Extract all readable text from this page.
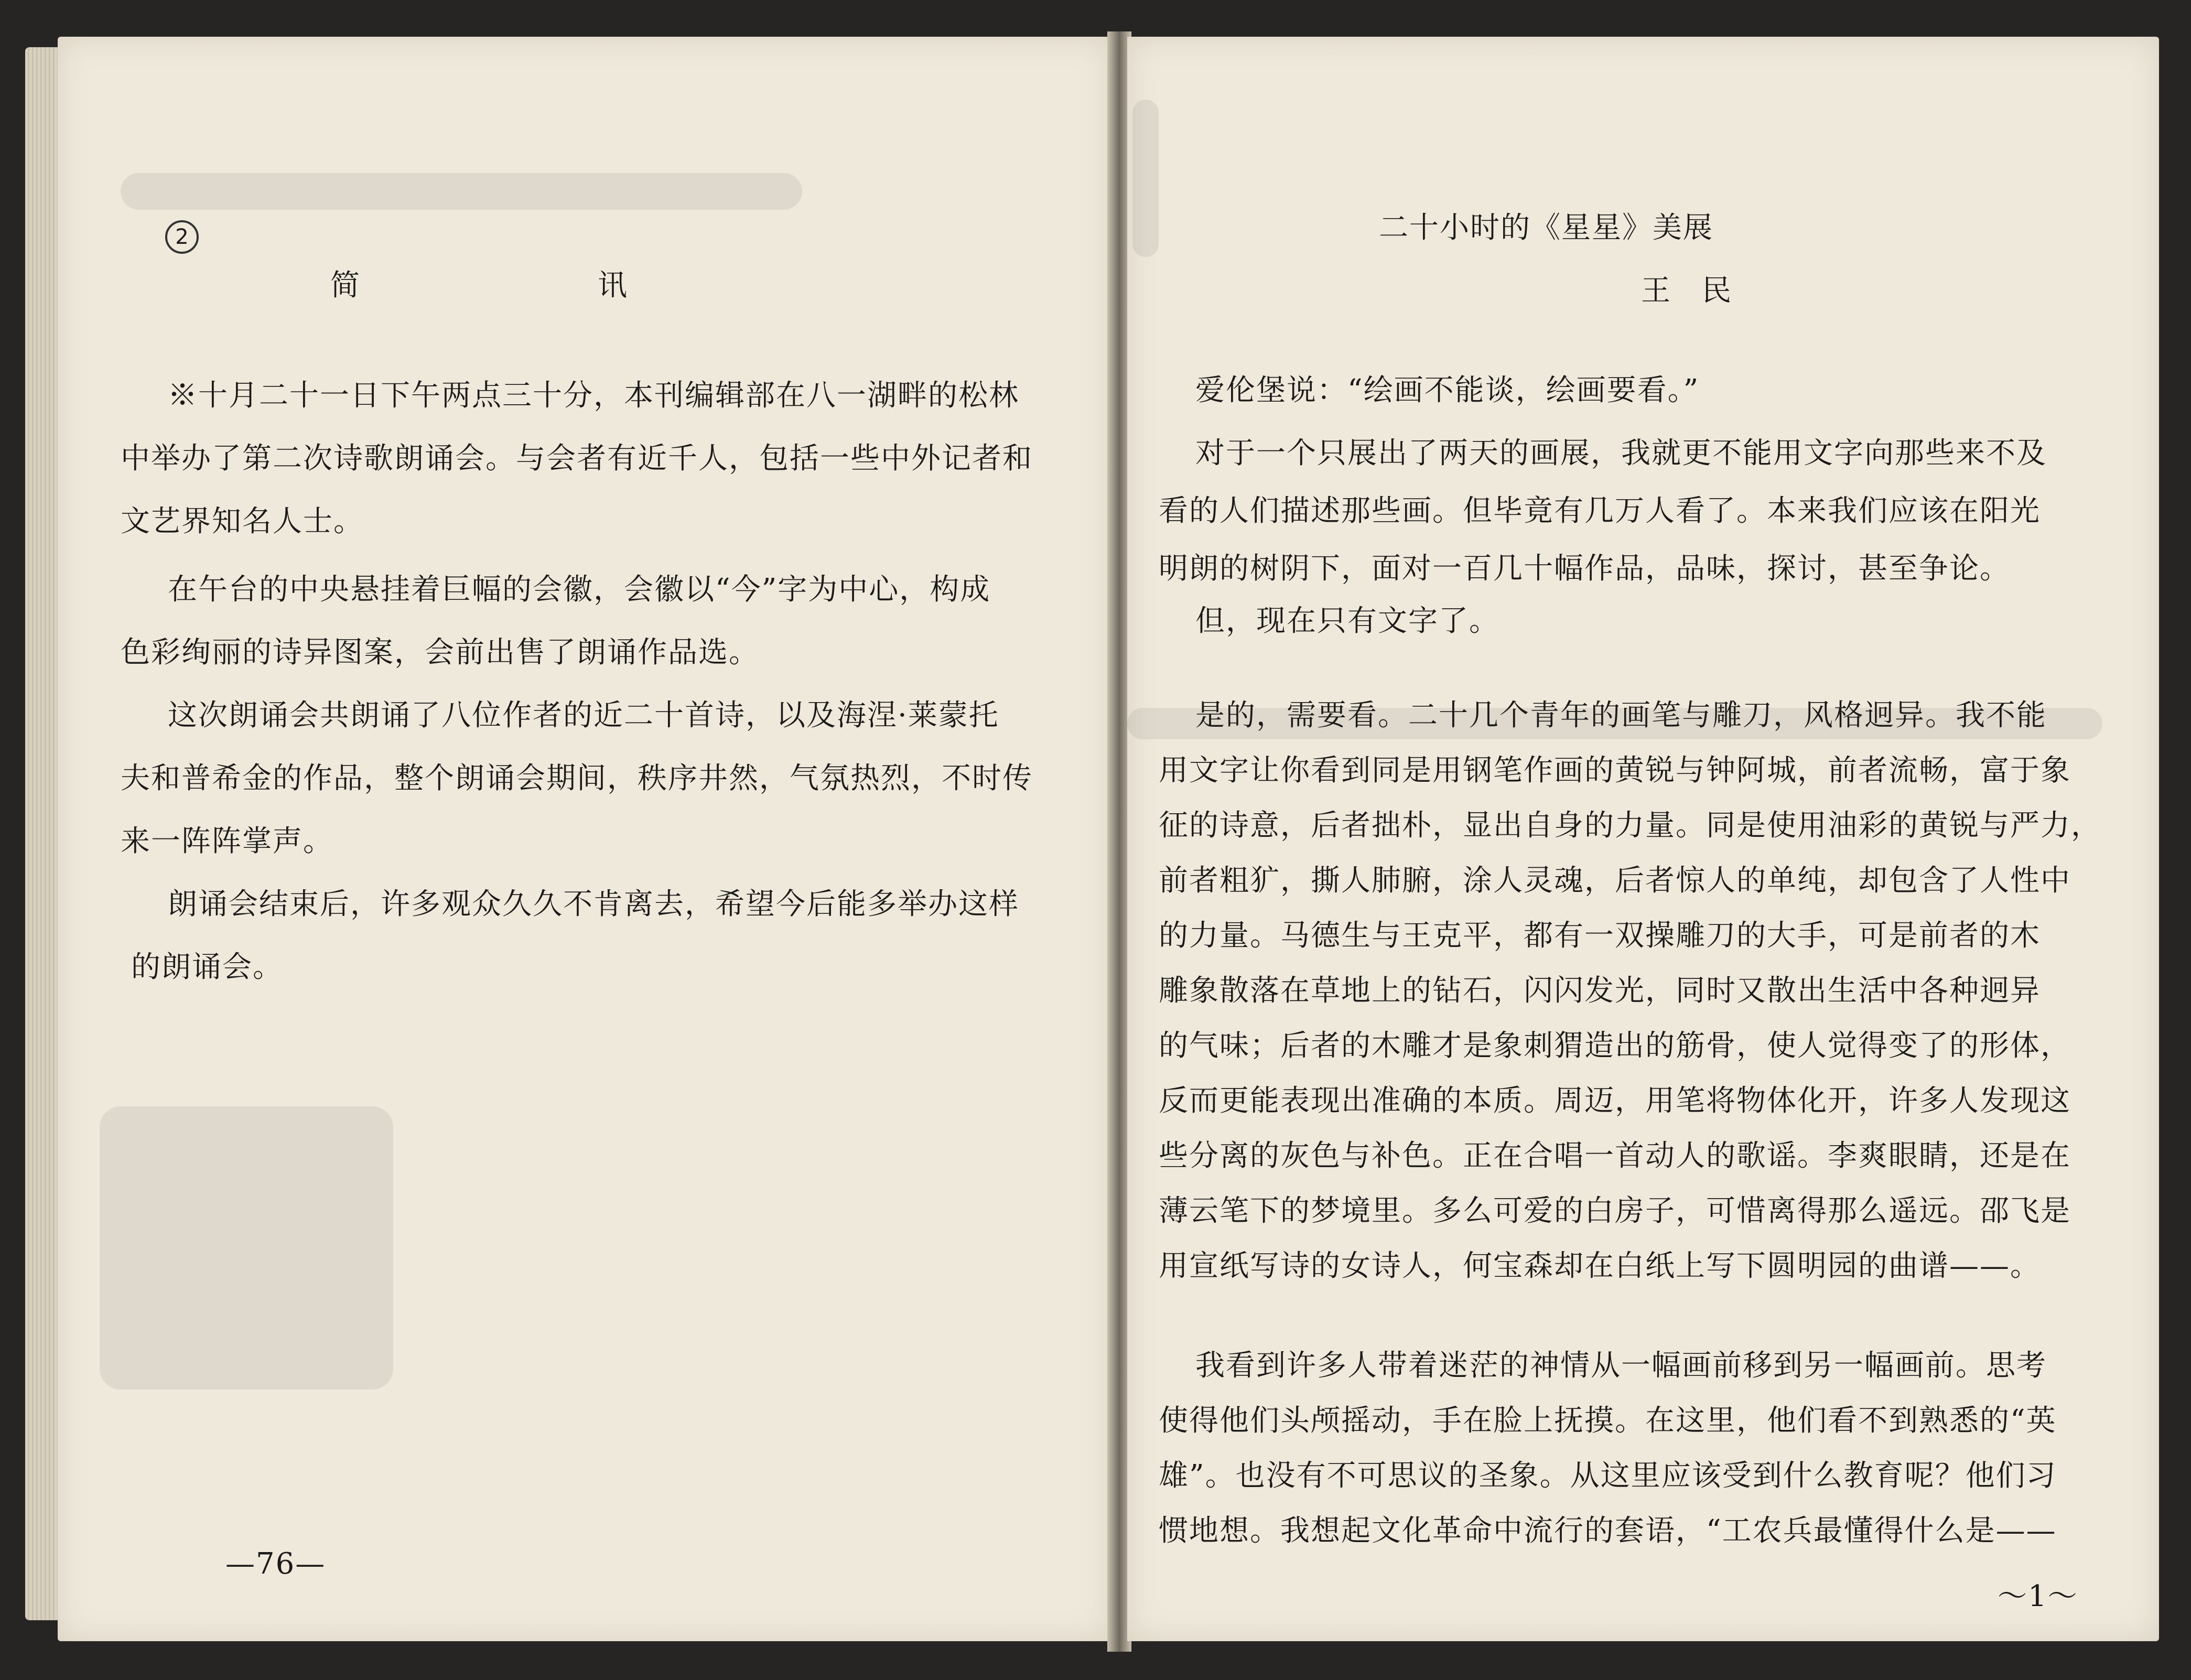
2
简	讯
※十月二十一日下午两点三十分，本刊编辑部在八一湖畔的松林
中举办了第二次诗歌朗诵会。与会者有近千人，包括一些中外记者和
文艺界知名人士。
在午台的中央悬挂着巨幅的会徽，会徽以“今”字为中心，构成
色彩绚丽的诗异图案，会前出售了朗诵作品选。
这次朗诵会共朗诵了八位作者的近二十首诗，以及海涅·莱蒙托
夫和普希金的作品，整个朗诵会期间，秩序井然，气氛热烈，不时传
来一阵阵掌声。
朗诵会结束后，许多观众久久不肯离去，希望今后能多举办这样
的朗诵会。
—76—
二十小时的《星星》美展
王　民
爱伦堡说：“绘画不能谈，绘画要看。”
对于一个只展出了两天的画展，我就更不能用文字向那些来不及
看的人们描述那些画。但毕竟有几万人看了。本来我们应该在阳光
明朗的树阴下，面对一百几十幅作品，品味，探讨，甚至争论。
但，现在只有文字了。
是的，需要看。二十几个青年的画笔与雕刀，风格迥异。我不能
用文字让你看到同是用钢笔作画的黄锐与钟阿城，前者流畅，富于象
征的诗意，后者拙朴，显出自身的力量。同是使用油彩的黄锐与严力，
前者粗犷，撕人肺腑，涂人灵魂，后者惊人的单纯，却包含了人性中
的力量。马德生与王克平，都有一双操雕刀的大手，可是前者的木
雕象散落在草地上的钻石，闪闪发光，同时又散出生活中各种迥异
的气味；后者的木雕才是象刺猬造出的筋骨，使人觉得变了的形体，
反而更能表现出准确的本质。周迈，用笔将物体化开，许多人发现这
些分离的灰色与补色。正在合唱一首动人的歌谣。李爽眼睛，还是在
薄云笔下的梦境里。多么可爱的白房子，可惜离得那么遥远。邵飞是
用宣纸写诗的女诗人，何宝森却在白纸上写下圆明园的曲谱——。
我看到许多人带着迷茫的神情从一幅画前移到另一幅画前。思考
使得他们头颅摇动，手在脸上抚摸。在这里，他们看不到熟悉的“英
雄”。也没有不可思议的圣象。从这里应该受到什么教育呢？他们习
惯地想。我想起文化革命中流行的套语，“工农兵最懂得什么是——
～1～
